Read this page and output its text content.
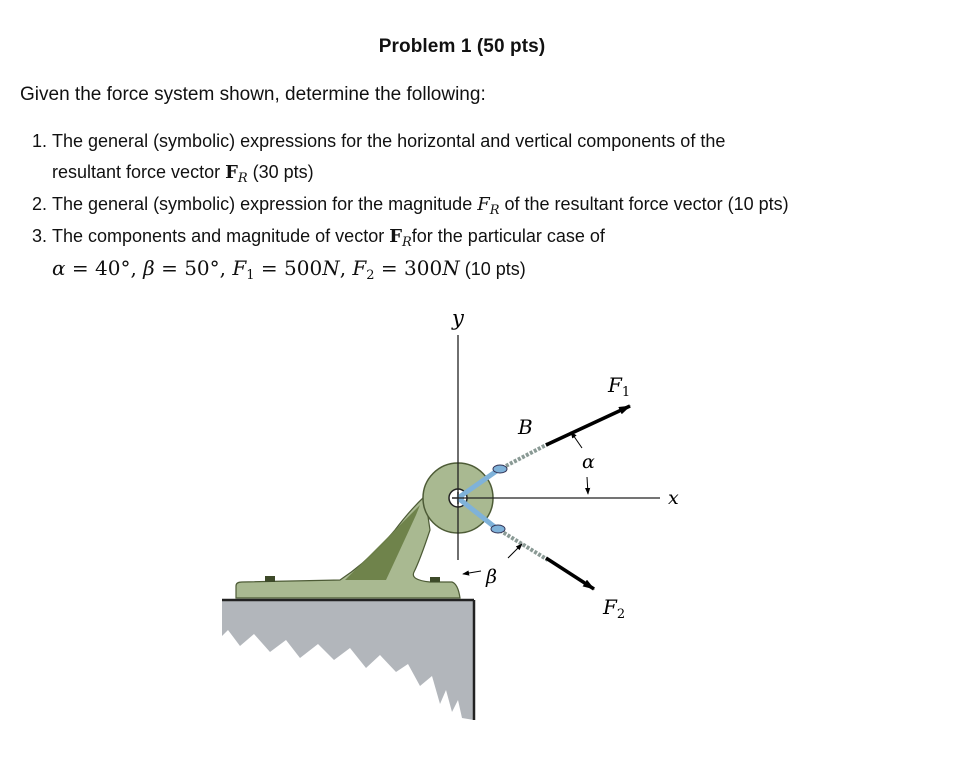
Problem 1 (50 pts)
Given the force system shown, determine the following:
1. The general (symbolic) expressions for the horizontal and vertical components of the
resultant force vector $F_R$ (30 pts)
2. The general (symbolic) expression for the magnitude $F_R$ of the resultant force vector (10 pts)
3. The components and magnitude of vector $F_Rfor$ the particular case of
α = 40°, β = 50°, $F_1 = 500N$, $F_2 = 300N$ (10 pts)
y
x
B
α
β
$F_1$
$F_2$
